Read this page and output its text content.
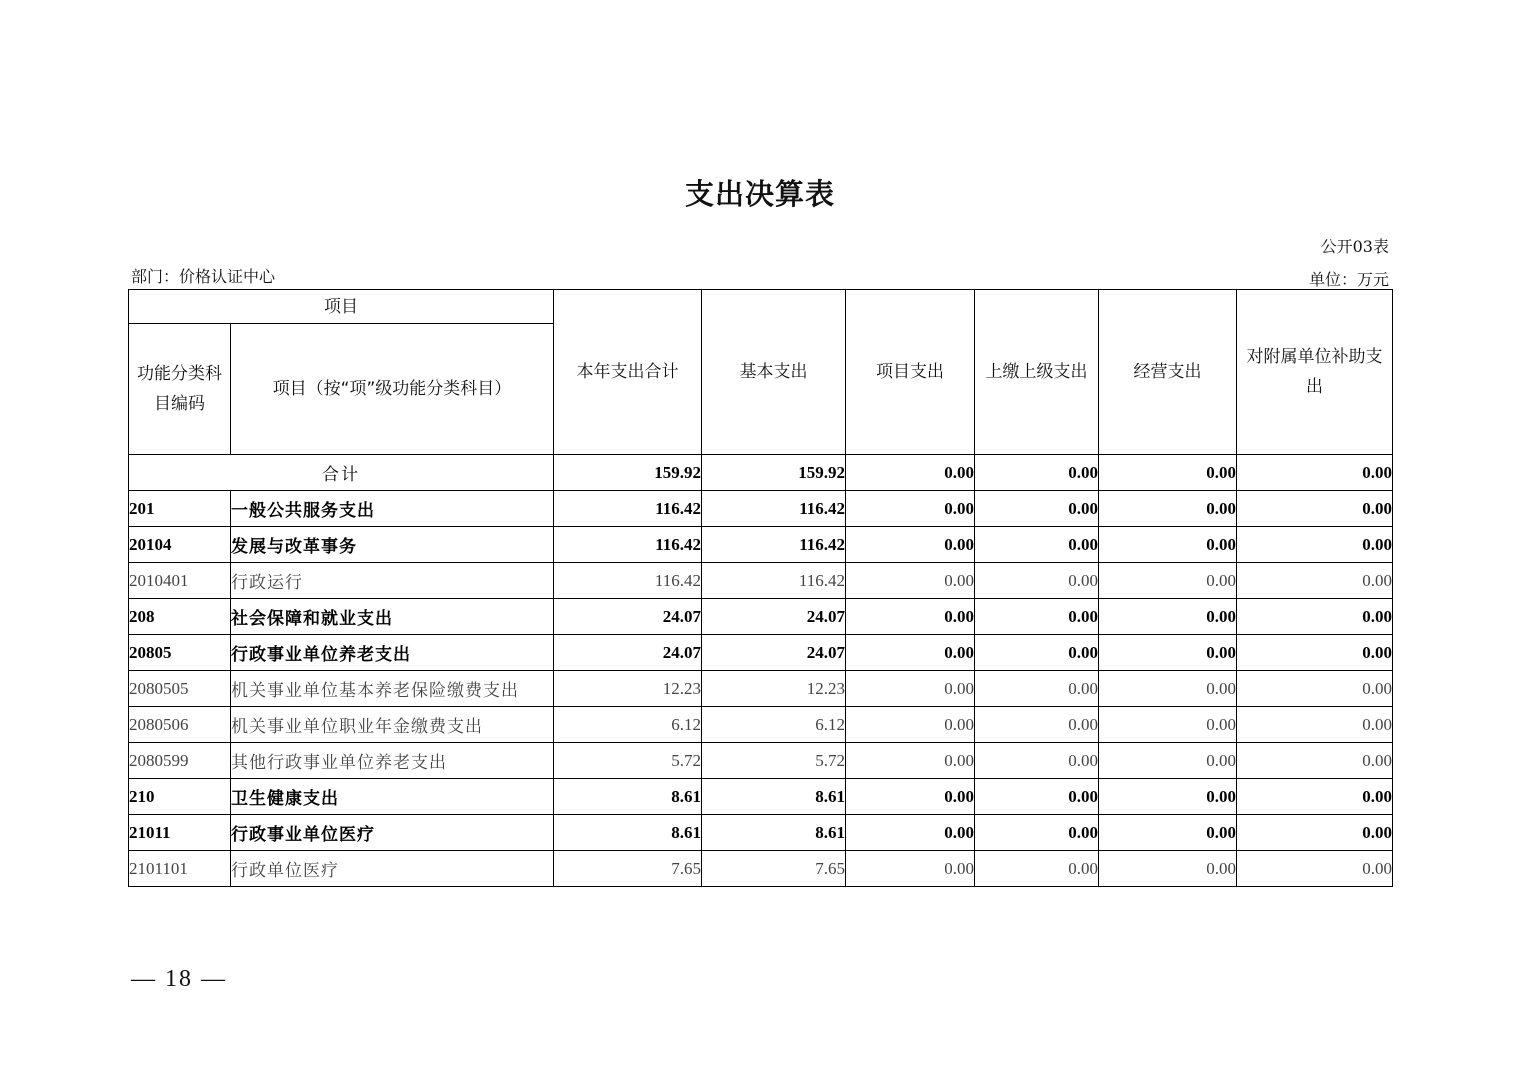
支出决算表
公开03表
部门：价格认证中心	单位：万元
项目		本年支出合计	基本支出	项目支出	上缴上级支出	经营支出	对附属单位补助支出
功能分类科目编码	项目（按“项”级功能分类科目）						
合计		159.92	159.92	0.00	0.00	0.00	0.00
201	一般公共服务支出	116.42	116.42	0.00	0.00	0.00	0.00
20104	发展与改革事务	116.42	116.42	0.00	0.00	0.00	0.00
2010401	行政运行	116.42	116.42	0.00	0.00	0.00	0.00
208	社会保障和就业支出	24.07	24.07	0.00	0.00	0.00	0.00
20805	行政事业单位养老支出	24.07	24.07	0.00	0.00	0.00	0.00
2080505	机关事业单位基本养老保险缴费支出	12.23	12.23	0.00	0.00	0.00	0.00
2080506	机关事业单位职业年金缴费支出	6.12	6.12	0.00	0.00	0.00	0.00
2080599	其他行政事业单位养老支出	5.72	5.72	0.00	0.00	0.00	0.00
210	卫生健康支出	8.61	8.61	0.00	0.00	0.00	0.00
21011	行政事业单位医疗	8.61	8.61	0.00	0.00	0.00	0.00
2101101	行政单位医疗	7.65	7.65	0.00	0.00	0.00	0.00
— 18 —
